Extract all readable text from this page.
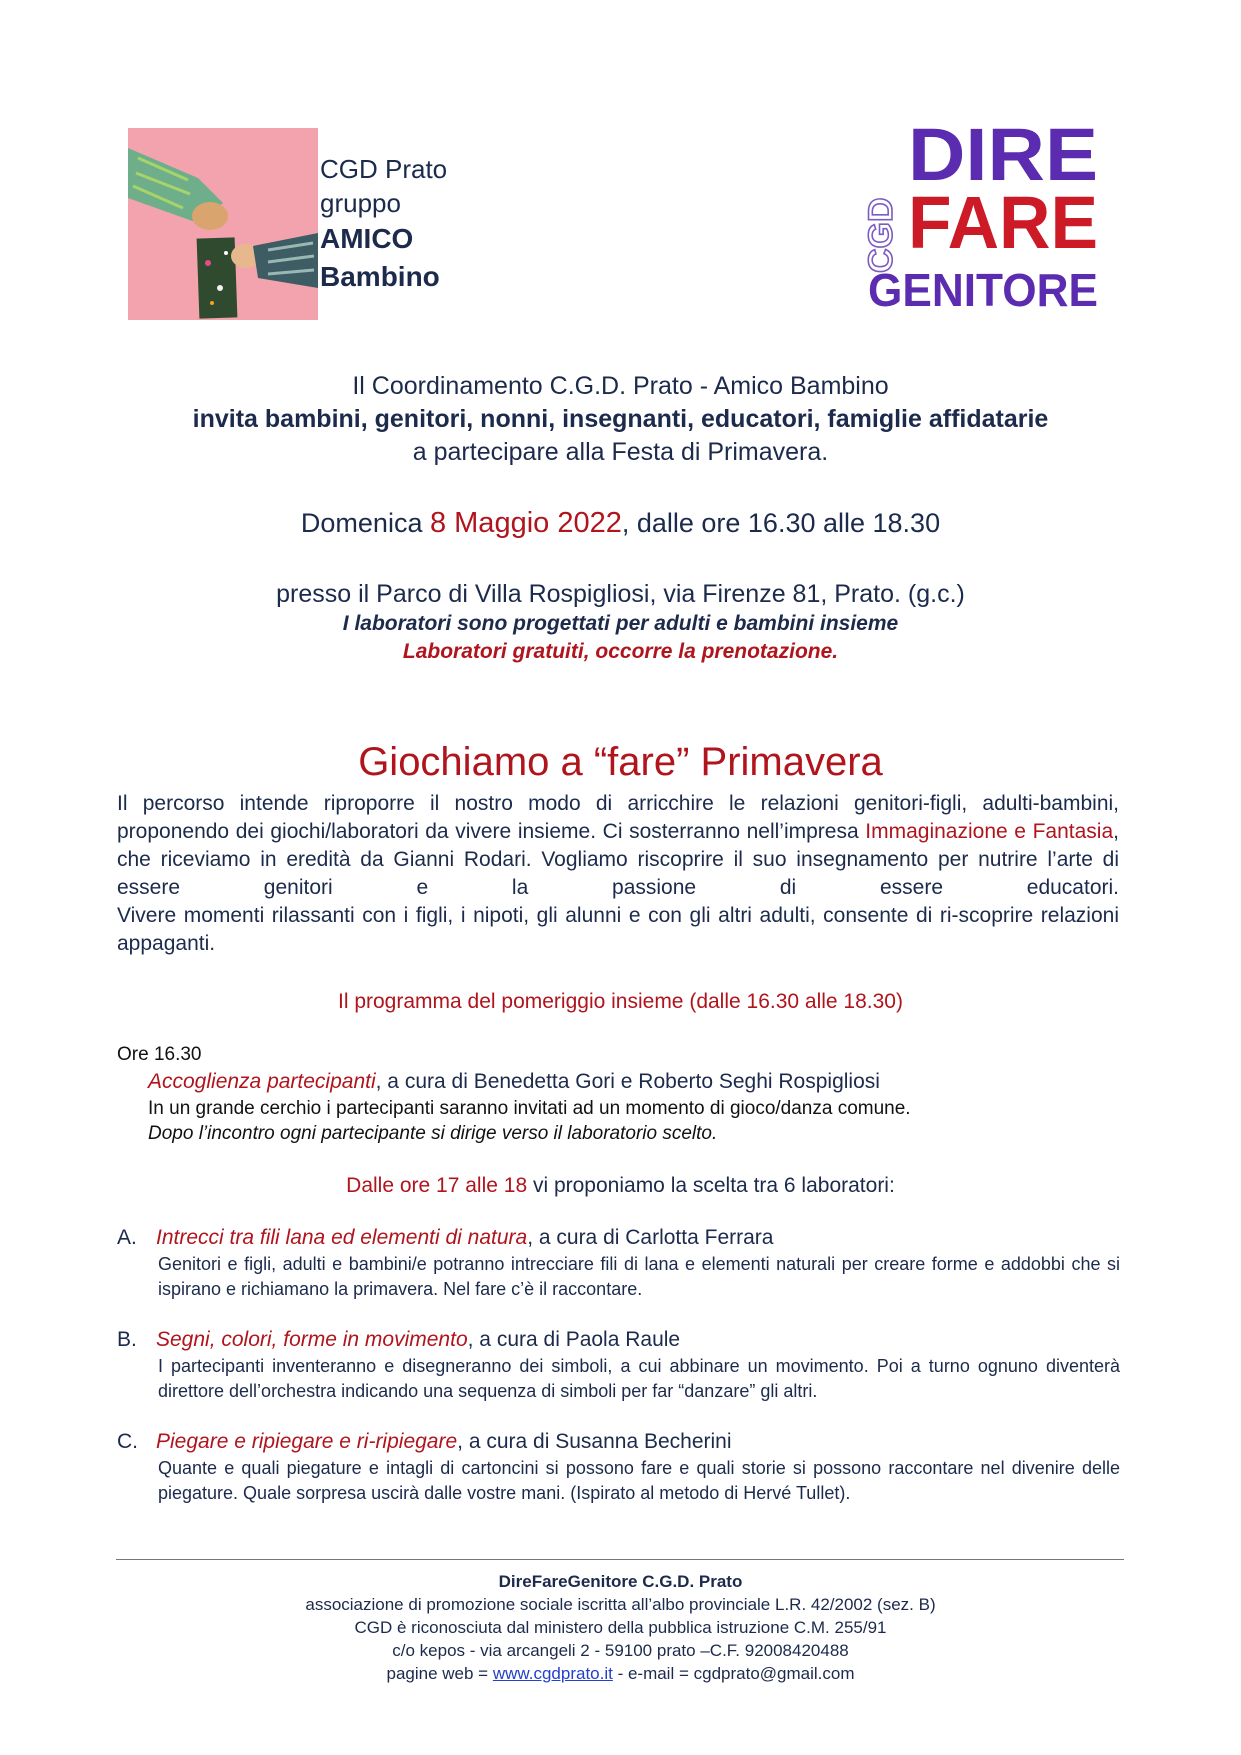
CGD Prato
gruppo
AMICO
Bambino
CGD
DIRE
FARE
GENITORE
Il Coordinamento C.G.D. Prato - Amico Bambino
invita bambini, genitori, nonni, insegnanti, educatori, famiglie affidatarie
a partecipare alla Festa di Primavera.
Domenica 8 Maggio 2022, dalle ore 16.30 alle 18.30
presso il Parco di Villa Rospigliosi, via Firenze 81, Prato. (g.c.)
I laboratori sono progettati per adulti e bambini insieme
Laboratori gratuiti, occorre la prenotazione.
Giochiamo a “fare” Primavera
Il percorso intende riproporre il nostro modo di arricchire le relazioni genitori-figli, adulti-bambini, proponendo dei giochi/laboratori da vivere insieme. Ci sosterranno nell’impresa Immaginazione e Fantasia, che riceviamo in eredità da Gianni Rodari. Vogliamo riscoprire il suo insegnamento per nutrire l’arte di essere genitori e la passione di essere educatori.
Vivere momenti rilassanti con i figli, i nipoti, gli alunni e con gli altri adulti, consente di ri-scoprire relazioni appaganti.
Il programma del pomeriggio insieme (dalle 16.30 alle 18.30)
Ore 16.30
Accoglienza partecipanti, a cura di Benedetta Gori e Roberto Seghi Rospigliosi
In un grande cerchio i partecipanti saranno invitati ad un momento di gioco/danza comune.
Dopo l’incontro ogni partecipante si dirige verso il laboratorio scelto.
Dalle ore 17 alle 18 vi proponiamo la scelta tra 6 laboratori:
A. Intrecci tra fili lana ed elementi di natura, a cura di Carlotta Ferrara
Genitori e figli, adulti e bambini/e potranno intrecciare fili di lana e elementi naturali per creare forme e addobbi che si ispirano e richiamano la primavera. Nel fare c’è il raccontare.
B. Segni, colori, forme in movimento, a cura di Paola Raule
I partecipanti inventeranno e disegneranno dei simboli, a cui abbinare un movimento. Poi a turno ognuno diventerà direttore dell’orchestra indicando una sequenza di simboli per far “danzare” gli altri.
C. Piegare e ripiegare e ri-ripiegare, a cura di Susanna Becherini
Quante e quali piegature e intagli di cartoncini si possono fare e quali storie si possono raccontare nel divenire delle piegature. Quale sorpresa uscirà dalle vostre mani. (Ispirato al metodo di Hervé Tullet).
DireFareGenitore C.G.D. Prato
associazione di promozione sociale iscritta all’albo provinciale L.R. 42/2002 (sez. B)
CGD è riconosciuta dal ministero della pubblica istruzione C.M. 255/91
c/o kepos - via arcangeli 2 - 59100 prato –C.F. 92008420488
pagine web = www.cgdprato.it - e-mail = cgdprato@gmail.com
